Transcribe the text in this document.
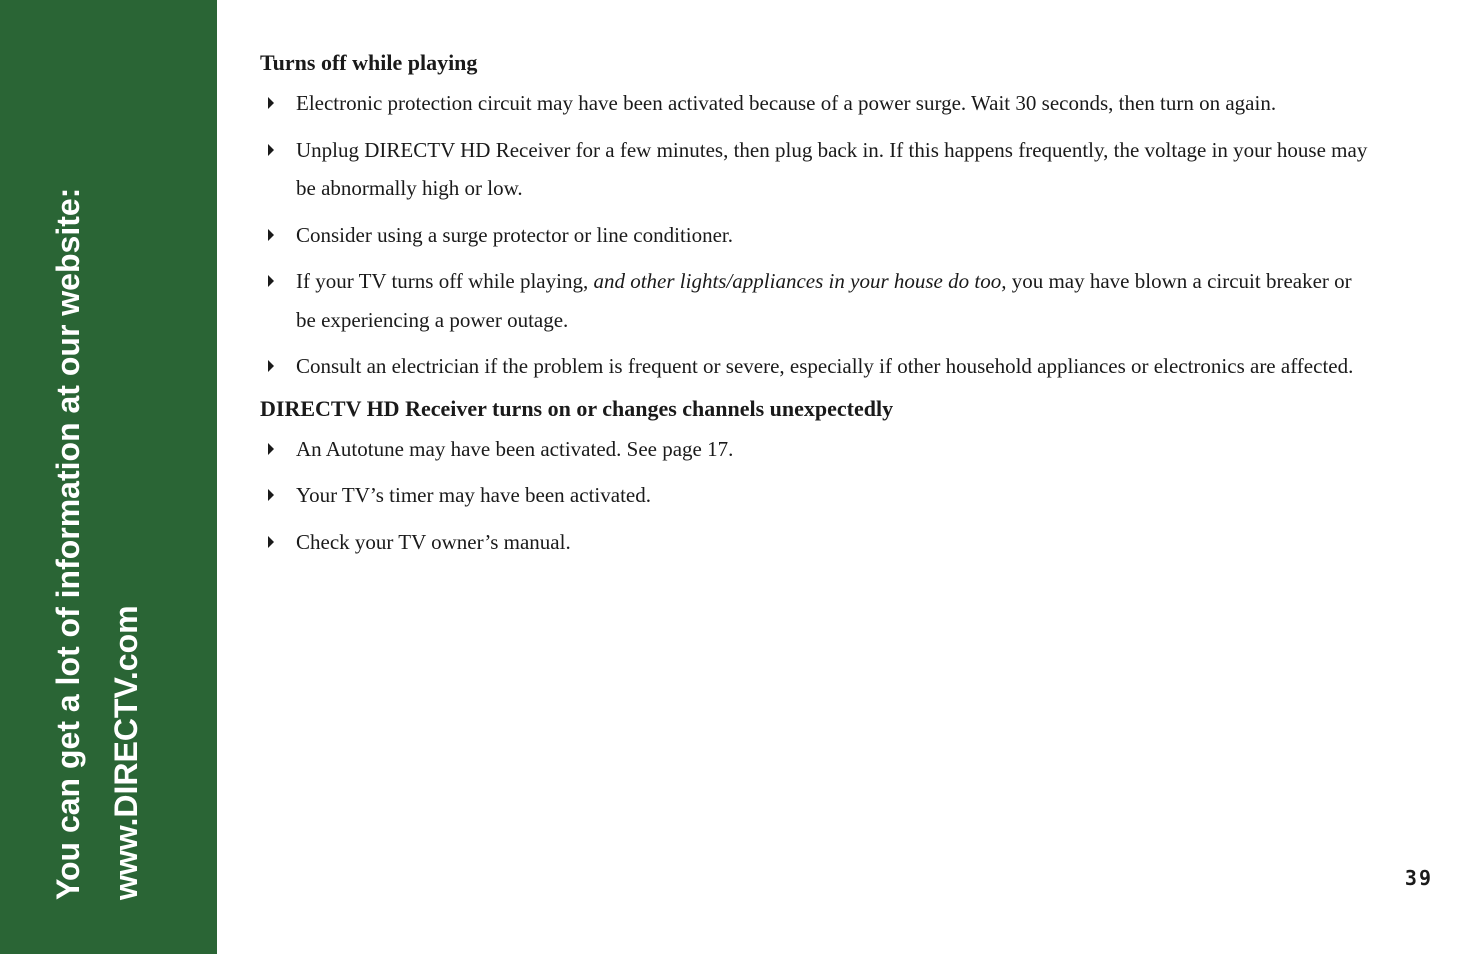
You can get a lot of information at our website: www.DIRECTV.com
Turns off while playing
Electronic protection circuit may have been activated because of a power surge. Wait 30 seconds, then turn on again.
Unplug DIRECTV HD Receiver for a few minutes, then plug back in. If this happens frequently, the voltage in your house may be abnormally high or low.
Consider using a surge protector or line conditioner.
If your TV turns off while playing, and other lights/appliances in your house do too, you may have blown a circuit breaker or be experiencing a power outage.
Consult an electrician if the problem is frequent or severe, especially if other household appliances or electronics are affected.
DIRECTV HD Receiver turns on or changes channels unexpectedly
An Autotune may have been activated. See page 17.
Your TV’s timer may have been activated.
Check your TV owner’s manual.
39
